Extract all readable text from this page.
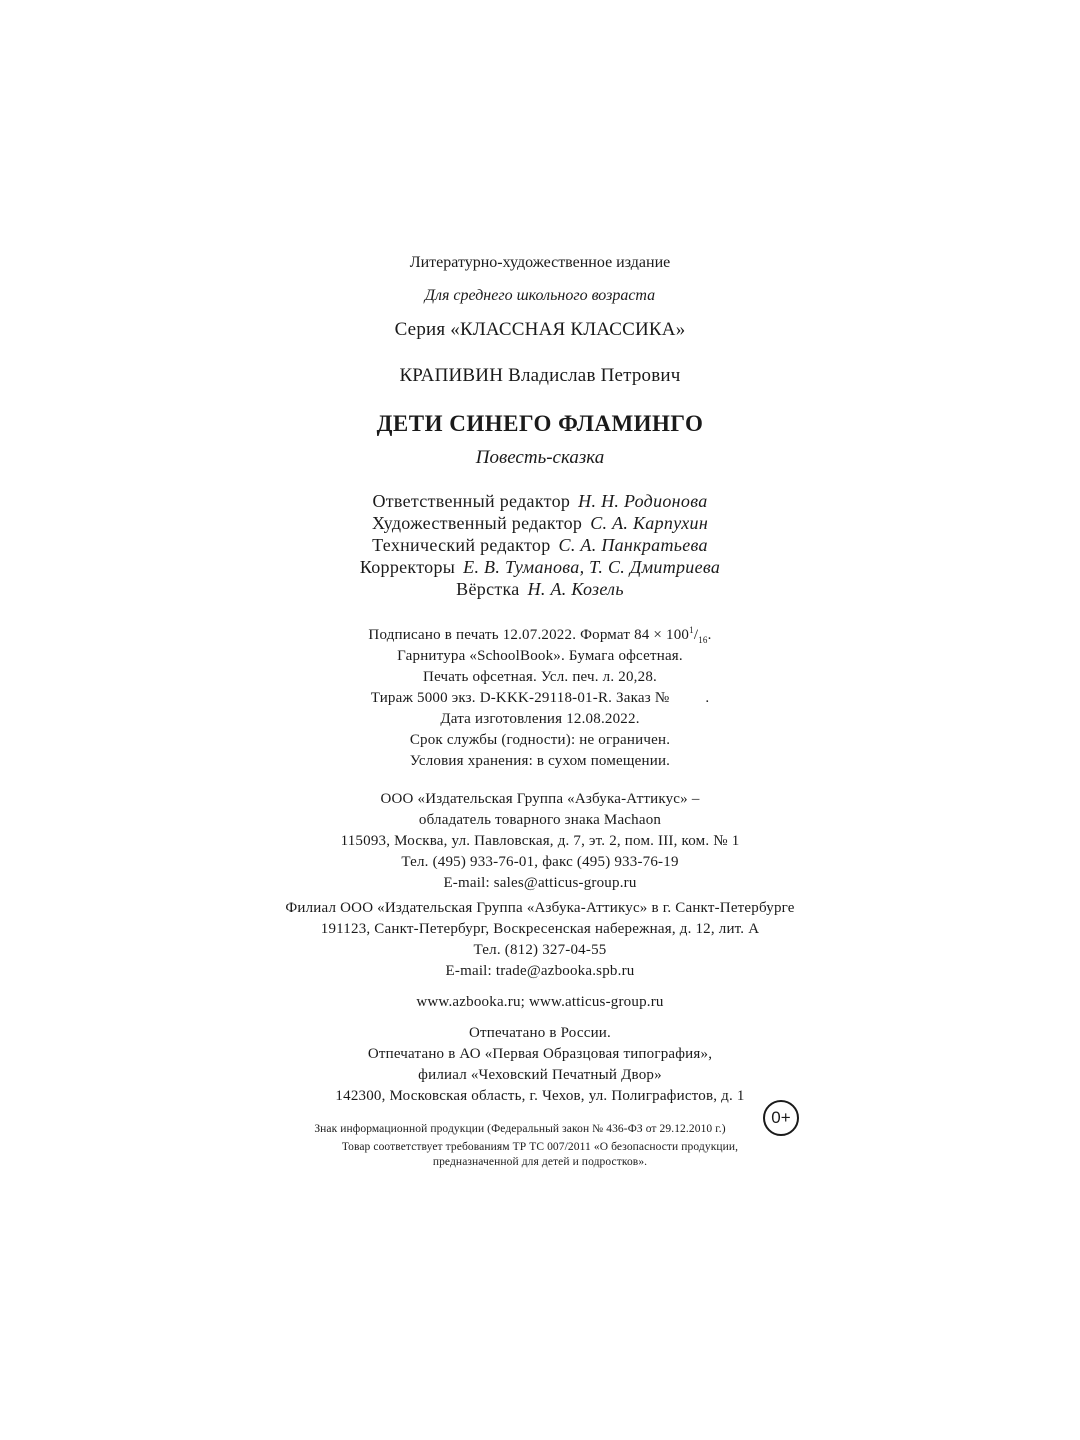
Литературно-художественное издание
Для среднего школьного возраста
Серия «КЛАССНАЯ КЛАССИКА»
КРАПИВИН Владислав Петрович
ДЕТИ СИНЕГО ФЛАМИНГО
Повесть-сказка
Ответственный редактор Н. Н. Родионова
Художественный редактор С. А. Карпухин
Технический редактор С. А. Панкратьева
Корректоры Е. В. Туманова, Т. С. Дмитриева
Вёрстка Н. А. Козель
Подписано в печать 12.07.2022. Формат $84 \times 100^1/_{16}$.
Гарнитура «SchoolBook». Бумага офсетная.
Печать офсетная. Усл. печ. л. 20,28.
Тираж 5000 экз. D-KKK-29118-01-R. Заказ № .
Дата изготовления 12.08.2022.
Срок службы (годности): не ограничен.
Условия хранения: в сухом помещении.
ООО «Издательская Группа «Азбука-Аттикус» –
обладатель товарного знака Machaon
115093, Москва, ул. Павловская, д. 7, эт. 2, пом. III, ком. № 1
Тел. (495) 933-76-01, факс (495) 933-76-19
E-mail: sales@atticus-group.ru
Филиал ООО «Издательская Группа «Азбука-Аттикус» в г. Санкт-Петербурге
191123, Санкт-Петербург, Воскресенская набережная, д. 12, лит. А
Тел. (812) 327-04-55
E-mail: trade@azbooka.spb.ru
www.azbooka.ru; www.atticus-group.ru
Отпечатано в России.
Отпечатано в АО «Первая Образцовая типография»,
филиал «Чеховский Печатный Двор»
142300, Московская область, г. Чехов, ул. Полиграфистов, д. 1
Знак информационной продукции (Федеральный закон № 436-ФЗ от 29.12.2010 г.)
0+
Товар соответствует требованиям ТР ТС 007/2011 «О безопасности продукции,
предназначенной для детей и подростков».
